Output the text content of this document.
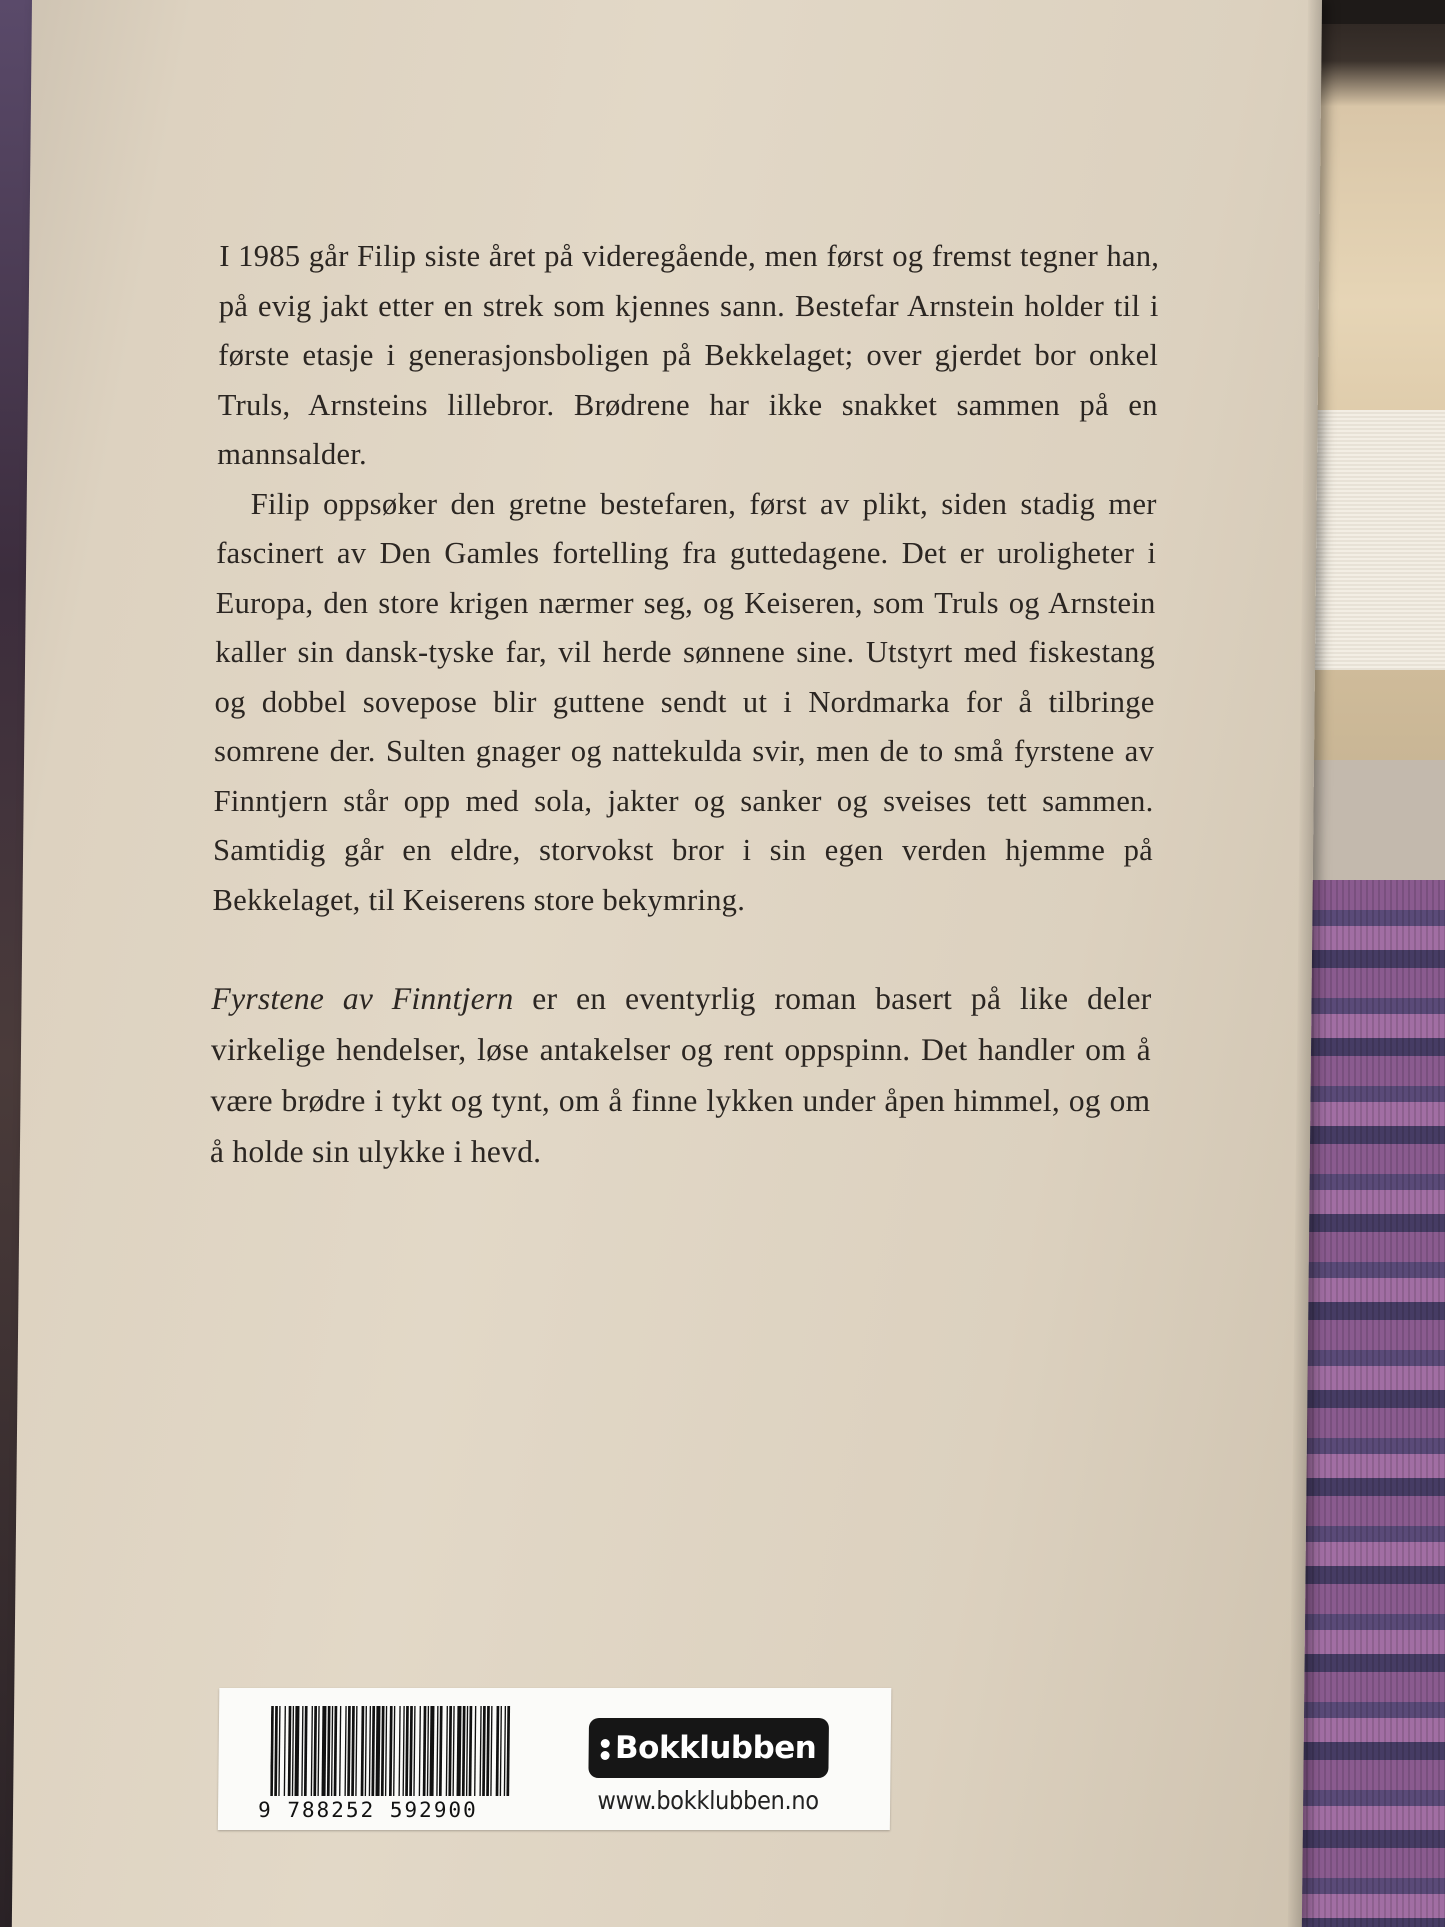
I 1985 går Filip siste året på videregående, men først og fremst tegner han, på evig jakt etter en strek som kjennes sann. Bestefar Arnstein holder til i første etasje i generasjonsboligen på Bekkelaget; over gjerdet bor onkel Truls, Arnsteins lillebror. Brødrene har ikke snakket sammen på en mannsalder.

Filip oppsøker den gretne bestefaren, først av plikt, siden stadig mer fascinert av Den Gamles fortelling fra guttedagene. Det er uroligheter i Europa, den store krigen nærmer seg, og Keiseren, som Truls og Arnstein kaller sin dansk-tyske far, vil herde sønnene sine. Utstyrt med fiskestang og dobbel sovepose blir guttene sendt ut i Nordmarka for å tilbringe somrene der. Sulten gnager og nattekulda svir, men de to små fyrstene av Finntjern står opp med sola, jakter og sanker og sveises tett sammen. Samtidig går en eldre, storvokst bror i sin egen verden hjemme på Bekkelaget, til Keiserens store bekymring.

Fyrstene av Finntjern er en eventyrlig roman basert på like deler virkelige hendelser, løse antakelser og rent oppspinn. Det handler om å være brødre i tykt og tynt, om å finne lykken under åpen himmel, og om å holde sin ulykke i hevd.

9 788252 592900
Bokklubben
www.bokklubben.no
